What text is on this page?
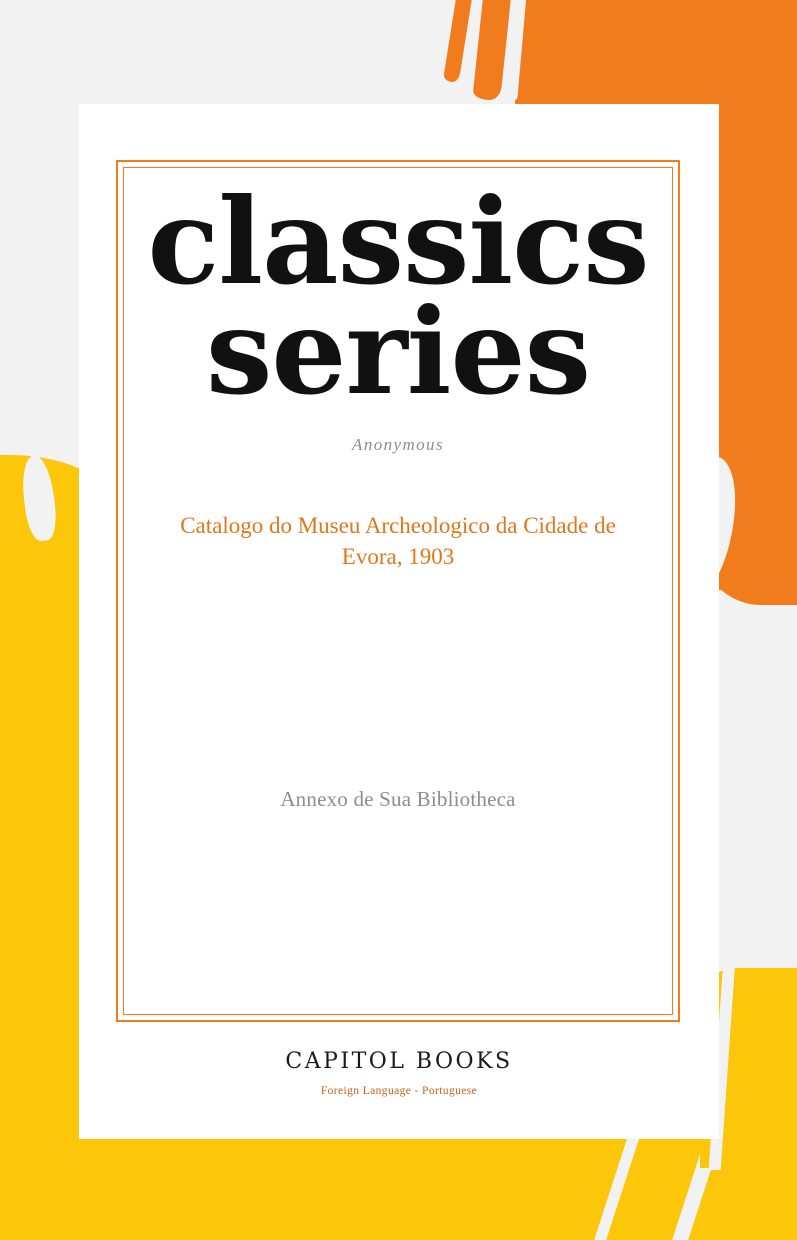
classics
series
Anonymous
Catalogo do Museu Archeologico da Cidade de Evora, 1903
Annexo de Sua Bibliotheca
CAPITOL BOOKS
Foreign Language - Portuguese
